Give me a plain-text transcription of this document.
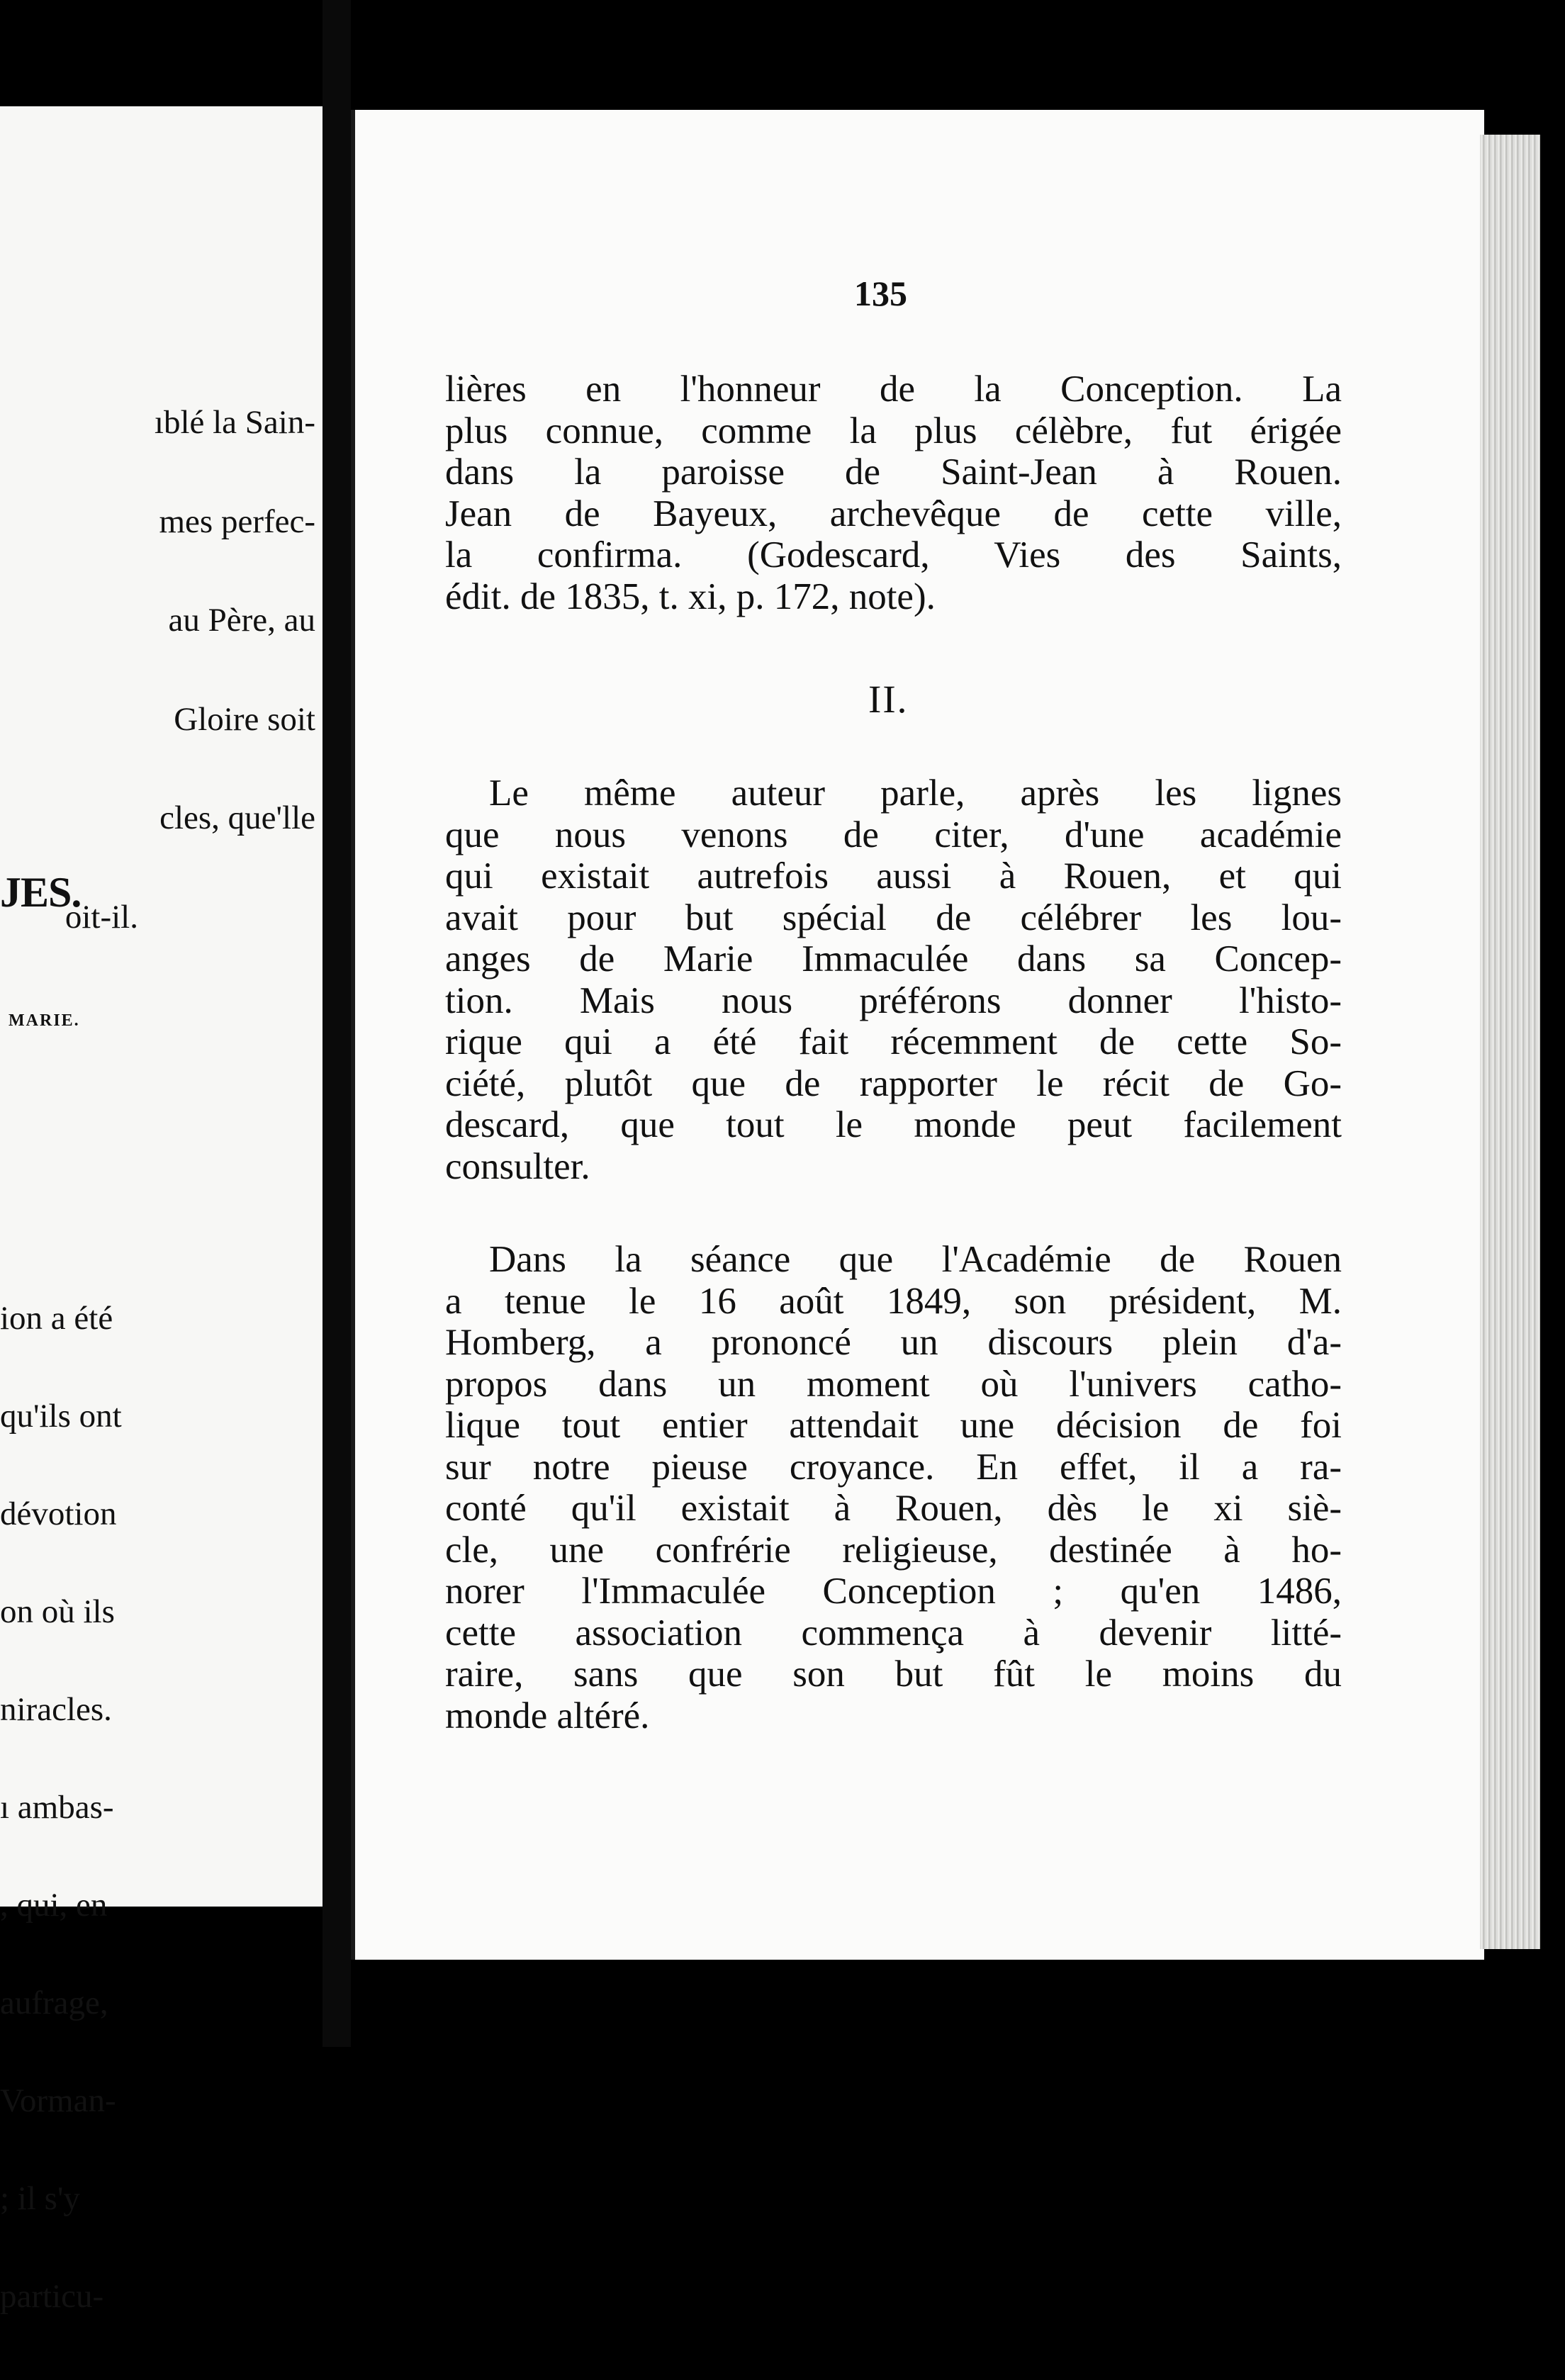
ıblé la Sain-

mes perfec-

au Père, au

Gloire soit

cles, que'lle

oit-il.

JES.
MARIE.

ion a été

qu'ils ont

dévotion

on où ils

niracles.

ı ambas-

, qui, en

aufrage,

Vorman-

; il s'y

particu-

135
lières en l'honneur de la Conception. La
plus connue, comme la plus célèbre, fut érigée
dans la paroisse de Saint-Jean à Rouen.
Jean de Bayeux, archevêque de cette ville,
la confirma. (Godescard, Vies des Saints,
édit. de 1835, t. xi, p. 172, note).
II.
Le même auteur parle, après les lignes
que nous venons de citer, d'une académie
qui existait autrefois aussi à Rouen, et qui
avait pour but spécial de célébrer les lou-
anges de Marie Immaculée dans sa Concep-
tion. Mais nous préférons donner l'histo-
rique qui a été fait récemment de cette So-
ciété, plutôt que de rapporter le récit de Go-
descard, que tout le monde peut facilement
consulter.
Dans la séance que l'Académie de Rouen
a tenue le 16 août 1849, son président, M.
Homberg, a prononcé un discours plein d'a-
propos dans un moment où l'univers catho-
lique tout entier attendait une décision de foi
sur notre pieuse croyance. En effet, il a ra-
conté qu'il existait à Rouen, dès le xi siè-
cle, une confrérie religieuse, destinée à ho-
norer l'Immaculée Conception ; qu'en 1486,
cette association commença à devenir litté-
raire, sans que son but fût le moins du
monde altéré.
